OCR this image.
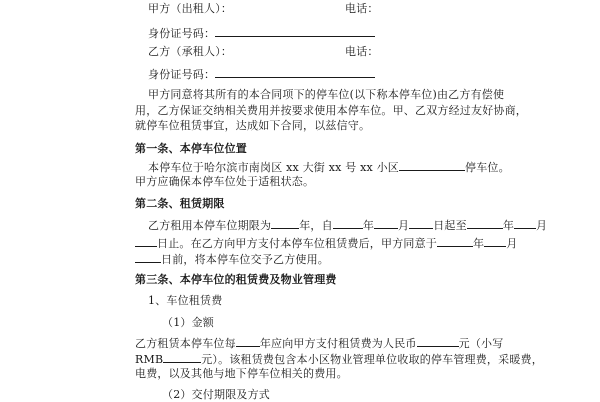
甲方（出租人）：	电话：
身份证号码：
乙方（承租人）：	电话：
身份证号码：
甲方同意将其所有的本合同项下的停车位(以下称本停车位)由乙方有偿使
用，乙方保证交纳相关费用并按要求使用本停车位。甲、乙双方经过友好协商，
就停车位租赁事宜，达成如下合同，以兹信守。
第一条、本停车位位置
本停车位于哈尔滨市南岗区 xx 大街 xx 号 xx 小区	停车位。
甲方应确保本停车位处于适租状态。
第二条、租赁期限
乙方租用本停车位期限为	年，自	年 月 日起至	年 月
日止。在乙方向甲方支付本停车位租赁费后，甲方同意于	年 月
日前，将本停车位交予乙方使用。
第三条、本停车位的租赁费及物业管理费
1、车位租赁费
（1）金额
乙方租赁本停车位每 年应向甲方支付租赁费为人民币	元（小写
RMB	元）。该租赁费包含本小区物业管理单位收取的停车管理费，采暖费，
电费，以及其他与地下停车位相关的费用。
（2）交付期限及方式
